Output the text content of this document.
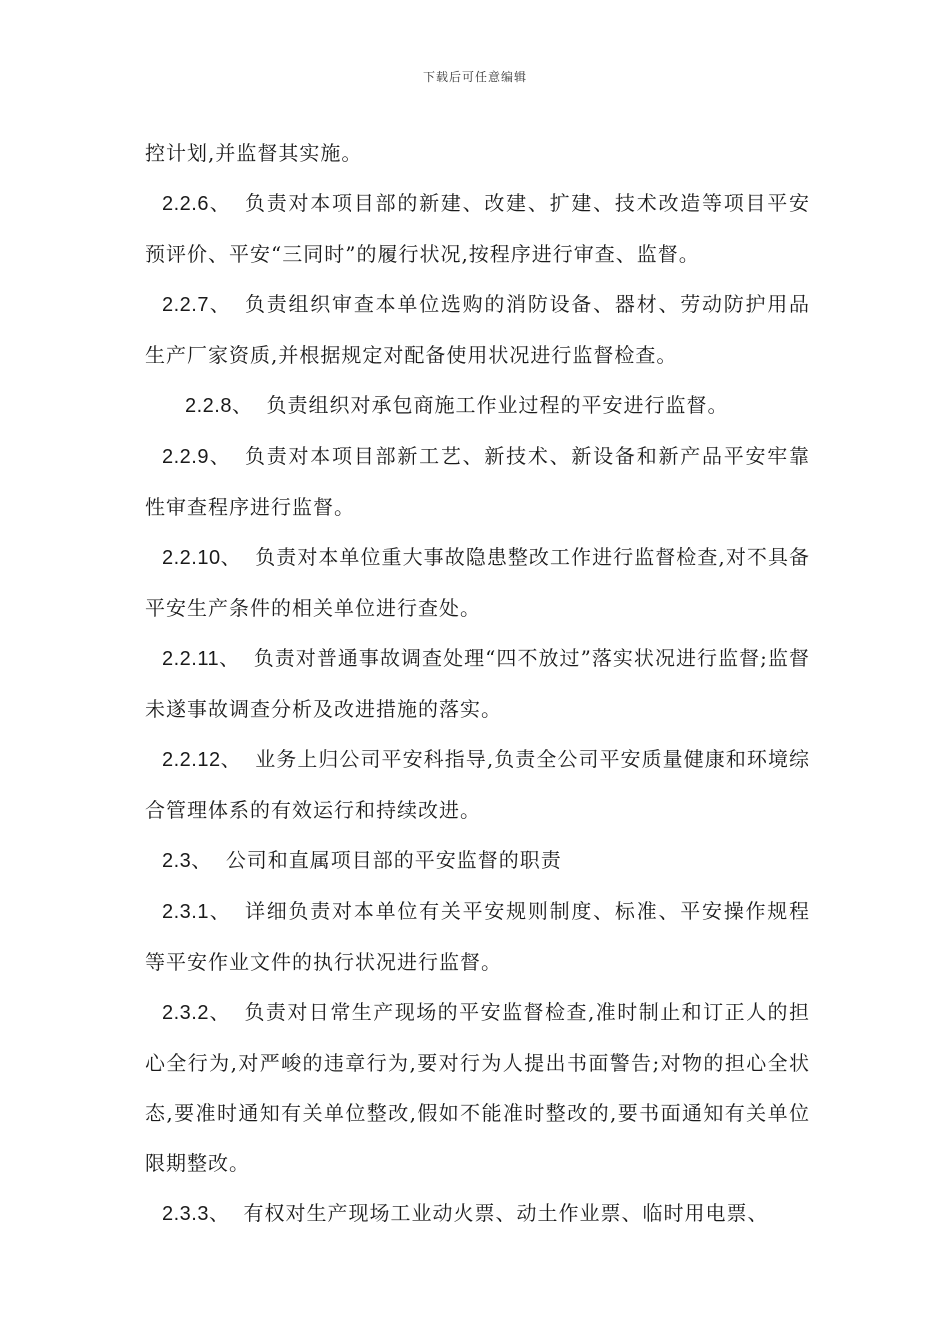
下载后可任意编辑

控计划,并监督其实施。

2.2.6、 负责对本项目部的新建、改建、扩建、技术改造等项目平安预评价、平安“三同时”的履行状况,按程序进行审查、监督。

2.2.7、 负责组织审查本单位选购的消防设备、器材、劳动防护用品生产厂家资质,并根据规定对配备使用状况进行监督检查。

2.2.8、 负责组织对承包商施工作业过程的平安进行监督。

2.2.9、 负责对本项目部新工艺、新技术、新设备和新产品平安牢靠性审查程序进行监督。

2.2.10、 负责对本单位重大事故隐患整改工作进行监督检查,对不具备平安生产条件的相关单位进行查处。

2.2.11、 负责对普通事故调查处理“四不放过”落实状况进行监督;监督未遂事故调查分析及改进措施的落实。

2.2.12、 业务上归公司平安科指导,负责全公司平安质量健康和环境综合管理体系的有效运行和持续改进。

2.3、 公司和直属项目部的平安监督的职责

2.3.1、 详细负责对本单位有关平安规则制度、标准、平安操作规程等平安作业文件的执行状况进行监督。

2.3.2、 负责对日常生产现场的平安监督检查,准时制止和订正人的担心全行为,对严峻的违章行为,要对行为人提出书面警告;对物的担心全状态,要准时通知有关单位整改,假如不能准时整改的,要书面通知有关单位限期整改。

2.3.3、 有权对生产现场工业动火票、动土作业票、临时用电票、
